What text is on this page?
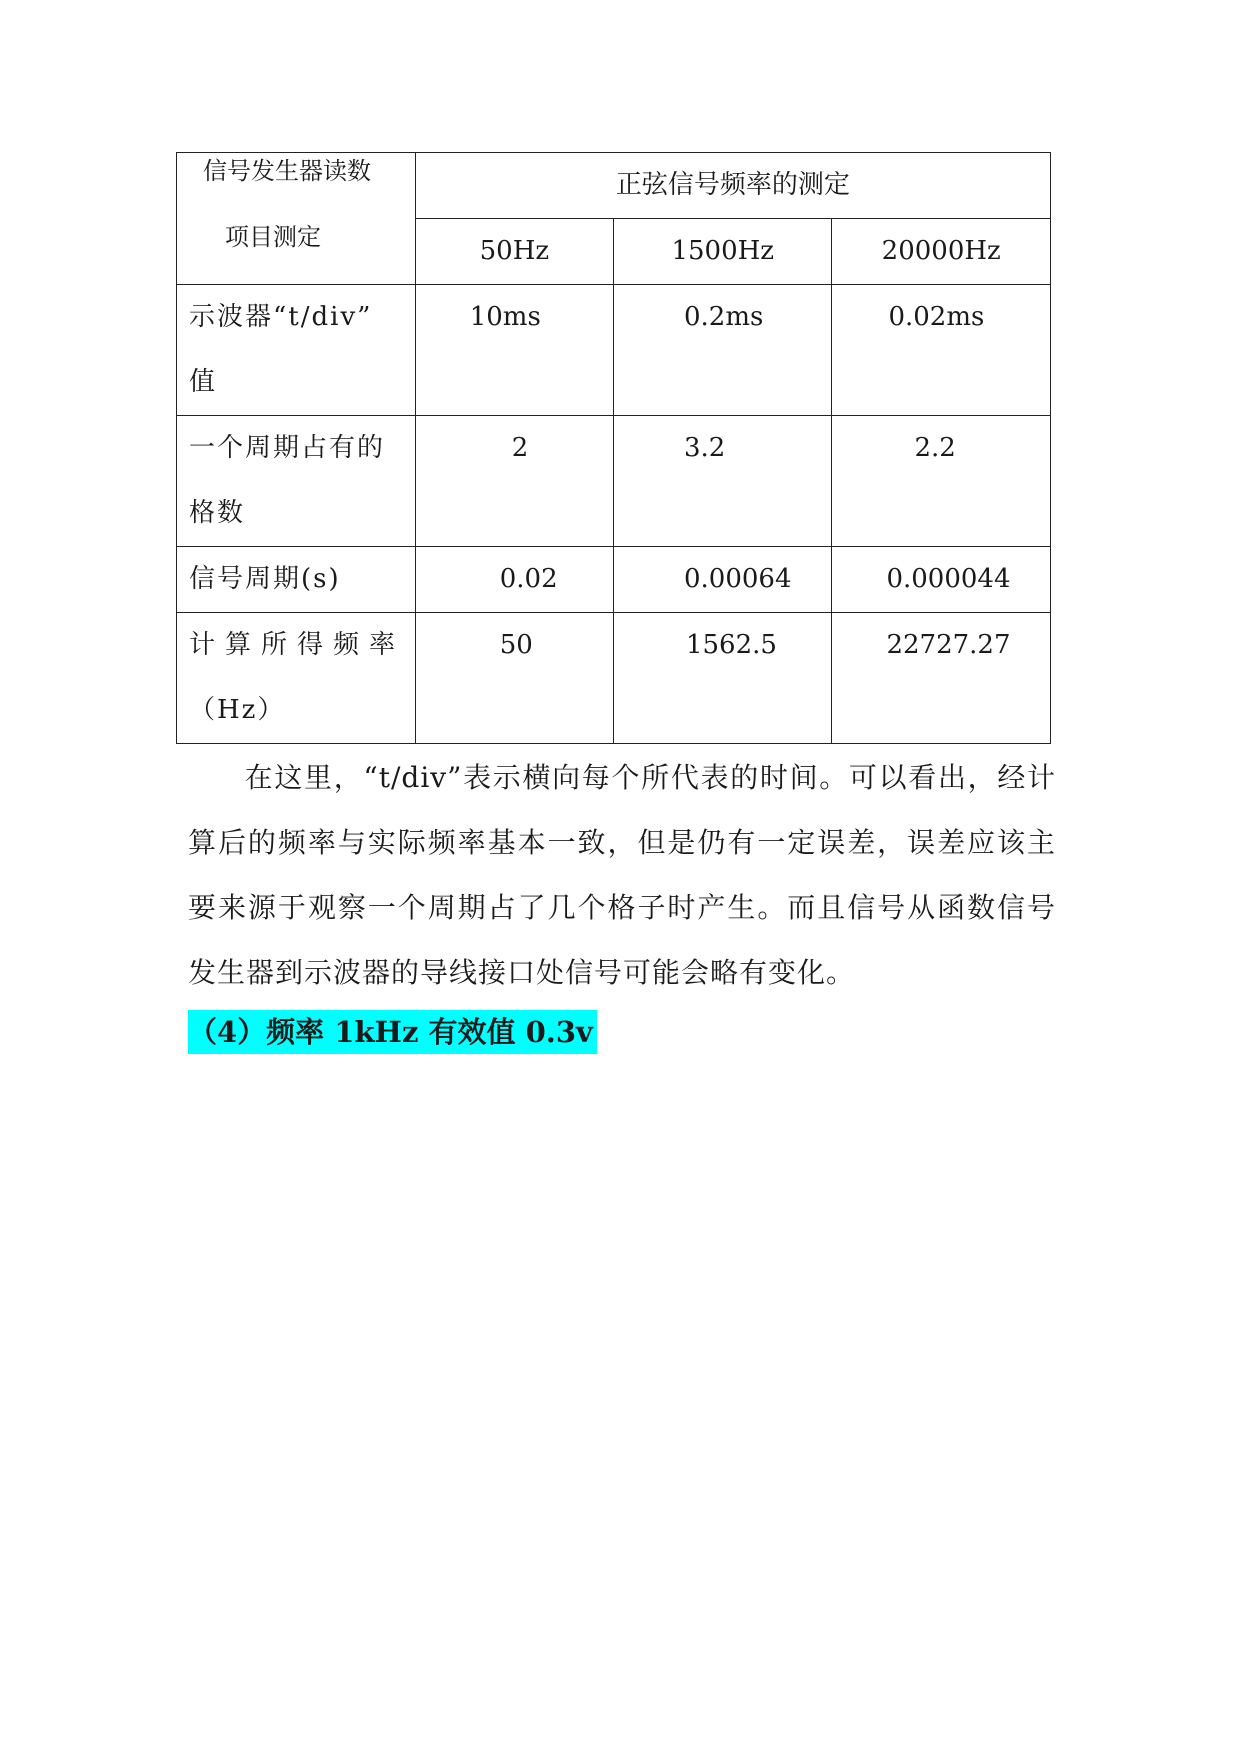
信号发生器读数
项目测定	正弦信号频率的测定		
	50Hz	1500Hz	20000Hz

示波器“t/div”
值	10ms	0.2ms	0.02ms

一个周期占有的
格数	2	3.2	2.2

信号周期(s)	0.02	0.00064	0.000044

计算所得频率
（Hz）	50	1562.5	22727.27
在这里，“t/div”表示横向每个所代表的时间。可以看出，经计算后的频率与实际频率基本一致，但是仍有一定误差，误差应该主要来源于观察一个周期占了几个格子时产生。而且信号从函数信号发生器到示波器的导线接口处信号可能会略有变化。
（4）频率 1kHz 有效值 0.3v
